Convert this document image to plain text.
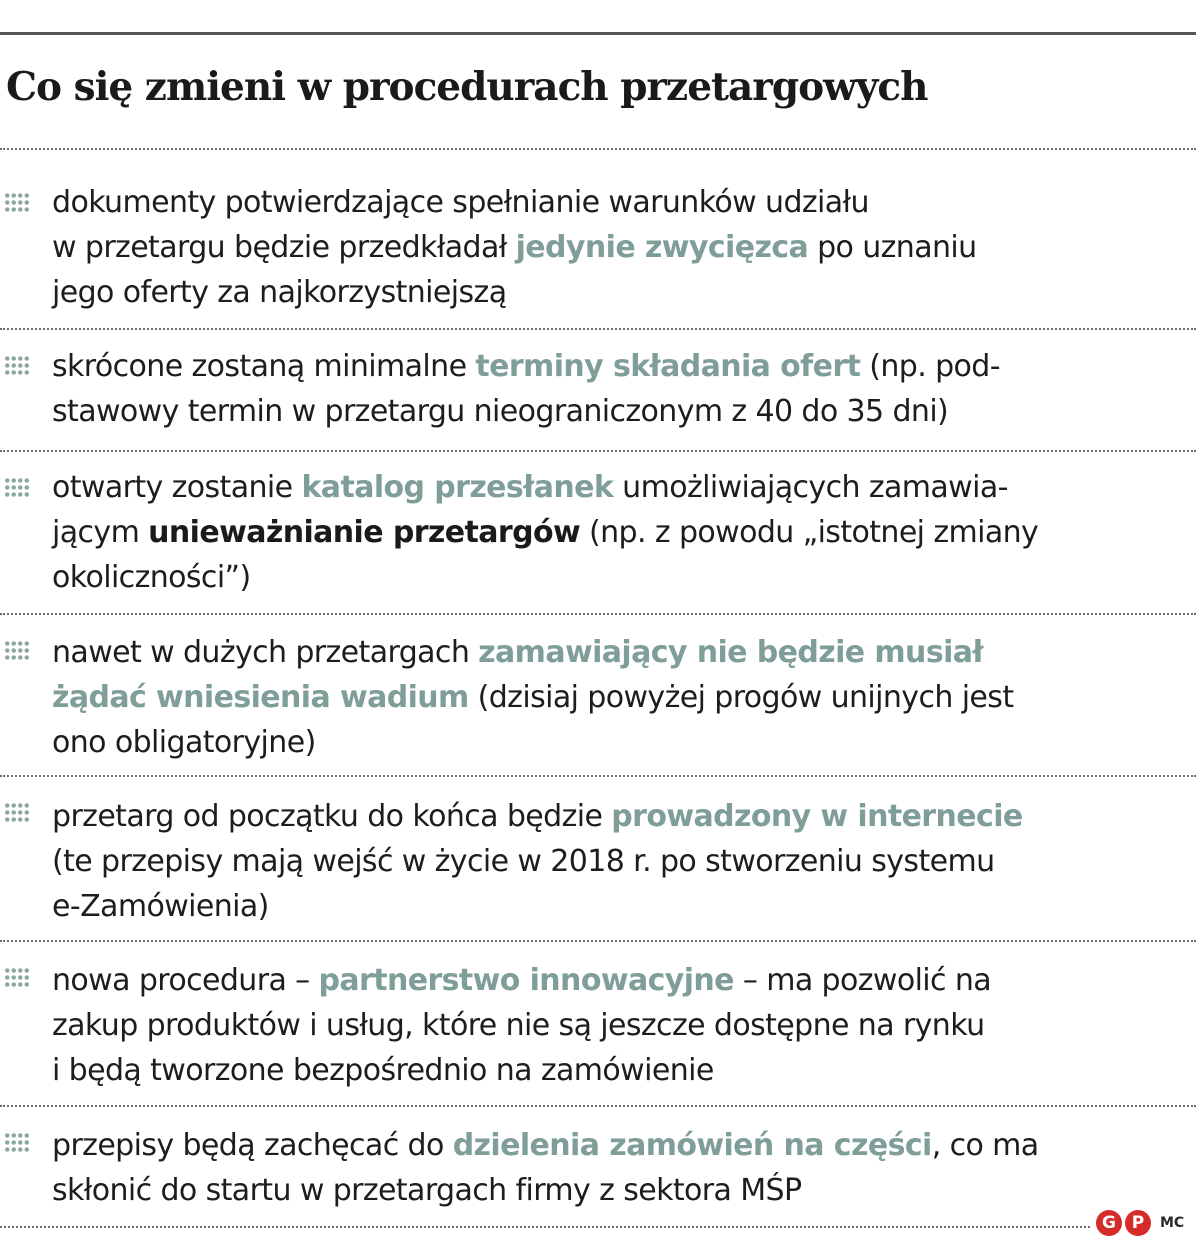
Co się zmieni w procedurach przetargowych
dokumenty potwierdzające spełnianie warunków udziału
w przetargu będzie przedkładał jedynie zwycięzca po uznaniu
jego oferty za najkorzystniejszą
skrócone zostaną minimalne terminy składania ofert (np. pod-
stawowy termin w przetargu nieograniczonym z 40 do 35 dni)
otwarty zostanie katalog przesłanek umożliwiających zamawia-
jącym unieważnianie przetargów (np. z powodu „istotnej zmiany
okoliczności”)
nawet w dużych przetargach zamawiający nie będzie musiał
żądać wniesienia wadium (dzisiaj powyżej progów unijnych jest
ono obligatoryjne)
przetarg od początku do końca będzie prowadzony w internecie
(te przepisy mają wejść w życie w 2018 r. po stworzeniu systemu
e-Zamówienia)
nowa procedura – partnerstwo innowacyjne – ma pozwolić na
zakup produktów i usług, które nie są jeszcze dostępne na rynku
i będą tworzone bezpośrednio na zamówienie
przepisy będą zachęcać do dzielenia zamówień na części, co ma
skłonić do startu w przetargach firmy z sektora MŚP
G P	MC
